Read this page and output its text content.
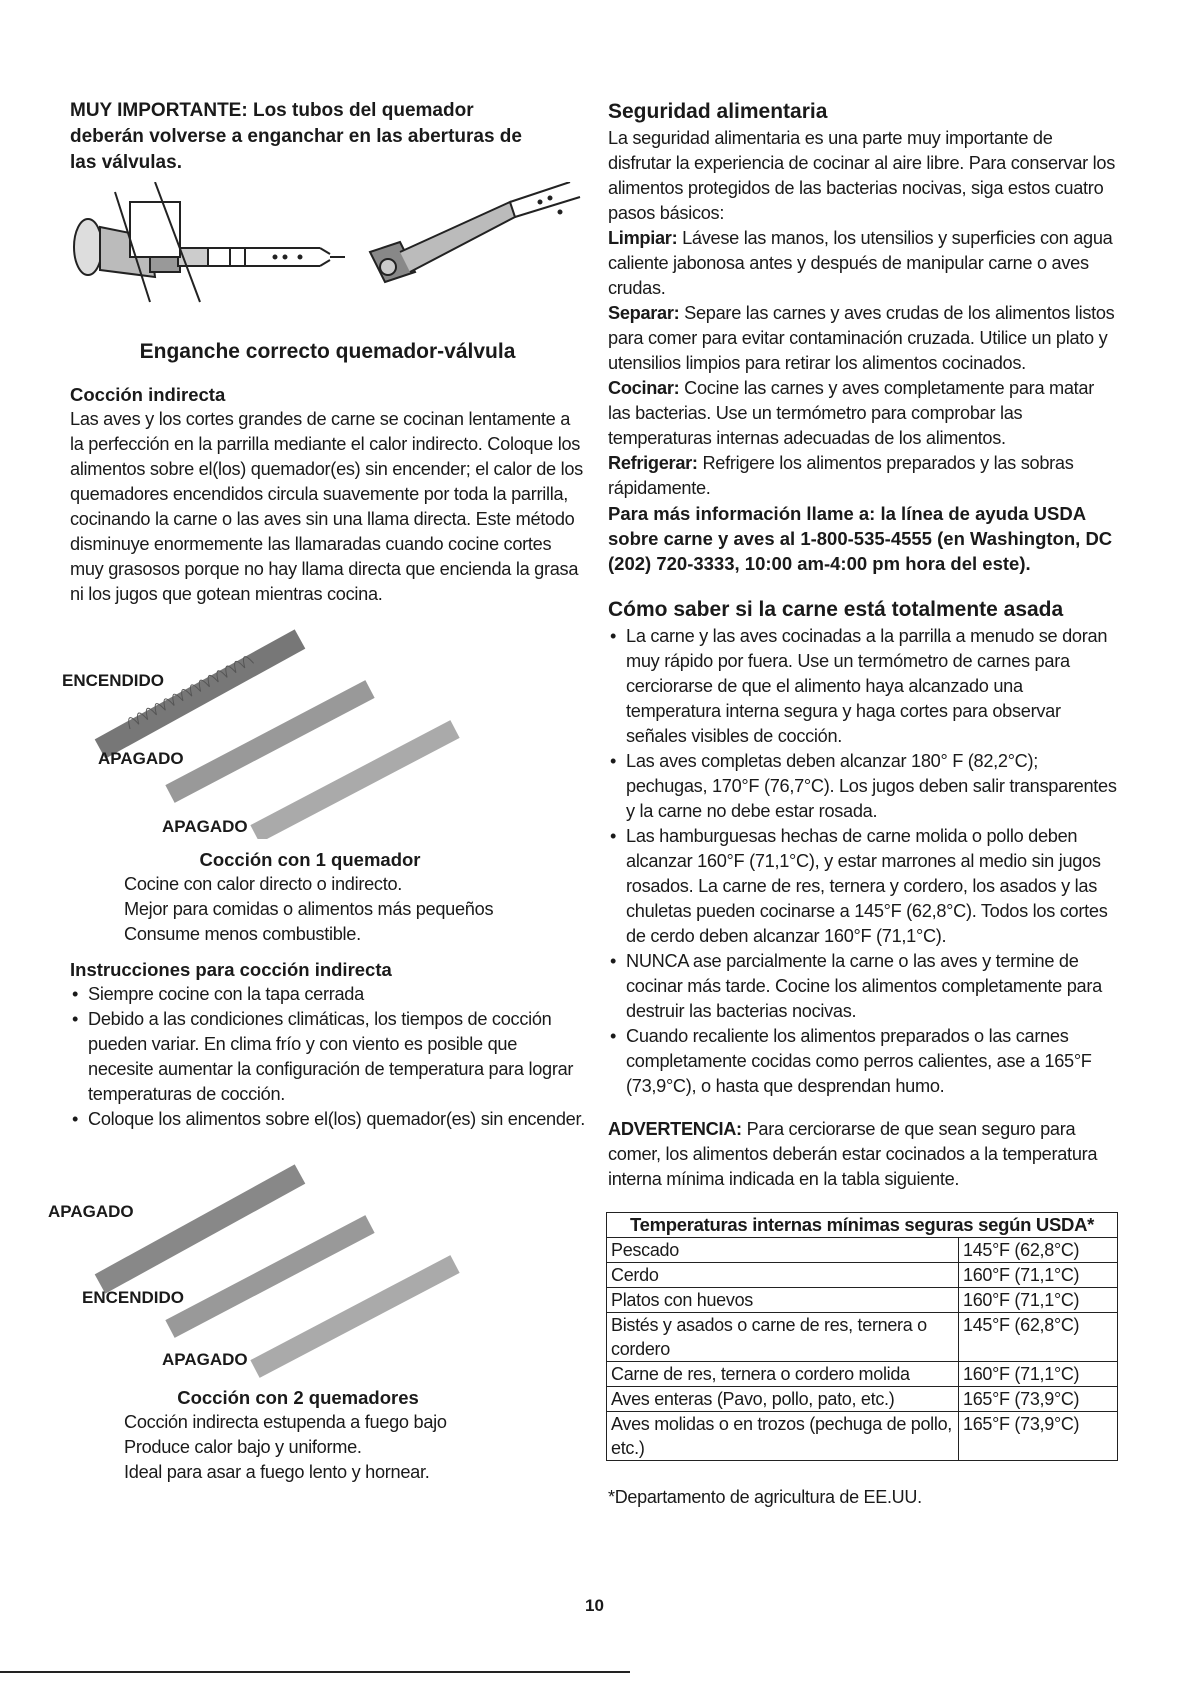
MUY IMPORTANTE: Los tubos del quemador deberán volverse a enganchar en las aberturas de las válvulas.

Enganche correcto quemador-válvula
Cocción indirecta

Las aves y los cortes grandes de carne se cocinan lentamente a la perfección en la parrilla mediante el calor indirecto. Coloque los alimentos sobre el(los) quemador(es) sin encender; el calor de los quemadores encendidos circula suavemente por toda la parrilla, cocinando la carne o las aves sin una llama directa. Este método disminuye enormemente las llamaradas cuando cocine cortes muy grasosos porque no hay llama directa que encienda la grasa ni los jugos que gotean mientras cocina.

ENCENDIDO
APAGADO
APAGADO
Cocción con 1 quemador
Cocine con calor directo o indirecto.
Mejor para comidas o alimentos más pequeños
Consume menos combustible.
Instrucciones para cocción indirecta
• Siempre cocine con la tapa cerrada
• Debido a las condiciones climáticas, los tiempos de cocción pueden variar. En clima frío y con viento es posible que necesite aumentar la configuración de temperatura para lograr temperaturas de cocción.
• Coloque los alimentos sobre el(los) quemador(es) sin encender.
APAGADO
ENCENDIDO
APAGADO
Cocción con 2 quemadores
Cocción indirecta estupenda a fuego bajo
Produce calor bajo y uniforme.
Ideal para asar a fuego lento y hornear.
Seguridad alimentaria

La seguridad alimentaria es una parte muy importante de disfrutar la experiencia de cocinar al aire libre. Para conservar los alimentos protegidos de las bacterias nocivas, siga estos cuatro pasos básicos:

Limpiar: Lávese las manos, los utensilios y superficies con agua caliente jabonosa antes y después de manipular carne o aves crudas.

Separar: Separe las carnes y aves crudas de los alimentos listos para comer para evitar contaminación cruzada. Utilice un plato y utensilios limpios para retirar los alimentos cocinados.

Cocinar: Cocine las carnes y aves completamente para matar las bacterias. Use un termómetro para comprobar las temperaturas internas adecuadas de los alimentos.

Refrigerar: Refrigere los alimentos preparados y las sobras rápidamente.

Para más información llame a: la línea de ayuda USDA sobre carne y aves al 1-800-535-4555 (en Washington, DC (202) 720-3333, 10:00 am-4:00 pm hora del este).

Cómo saber si la carne está totalmente asada
• La carne y las aves cocinadas a la parrilla a menudo se doran muy rápido por fuera. Use un termómetro de carnes para cerciorarse de que el alimento haya alcanzado una temperatura interna segura y haga cortes para observar señales visibles de cocción.
• Las aves completas deben alcanzar 180° F (82,2°C); pechugas, 170°F (76,7°C). Los jugos deben salir transparentes y la carne no debe estar rosada.
• Las hamburguesas hechas de carne molida o pollo deben alcanzar 160°F (71,1°C), y estar marrones al medio sin jugos rosados. La carne de res, ternera y cordero, los asados y las chuletas pueden cocinarse a 145°F (62,8°C). Todos los cortes de cerdo deben alcanzar 160°F (71,1°C).
• NUNCA ase parcialmente la carne o las aves y termine de cocinar más tarde. Cocine los alimentos completamente para destruir las bacterias nocivas.
• Cuando recaliente los alimentos preparados o las carnes completamente cocidas como perros calientes, ase a 165°F (73,9°C), o hasta que desprendan humo.

ADVERTENCIA: Para cerciorarse de que sean seguro para comer, los alimentos deberán estar cocinados a la temperatura interna mínima indicada en la tabla siguiente.

Temperaturas internas mínimas seguras según USDA*	
Pescado	145°F (62,8°C)
Cerdo	160°F (71,1°C)
Platos con huevos	160°F (71,1°C)
Bistés y asados o carne de res, ternera o cordero	145°F (62,8°C)
Carne de res, ternera o cordero molida	160°F (71,1°C)
Aves enteras (Pavo, pollo, pato, etc.)	165°F (73,9°C)
Aves molidas o en trozos (pechuga de pollo, etc.)	165°F (73,9°C)
*Departamento de agricultura de EE.UU.
10
